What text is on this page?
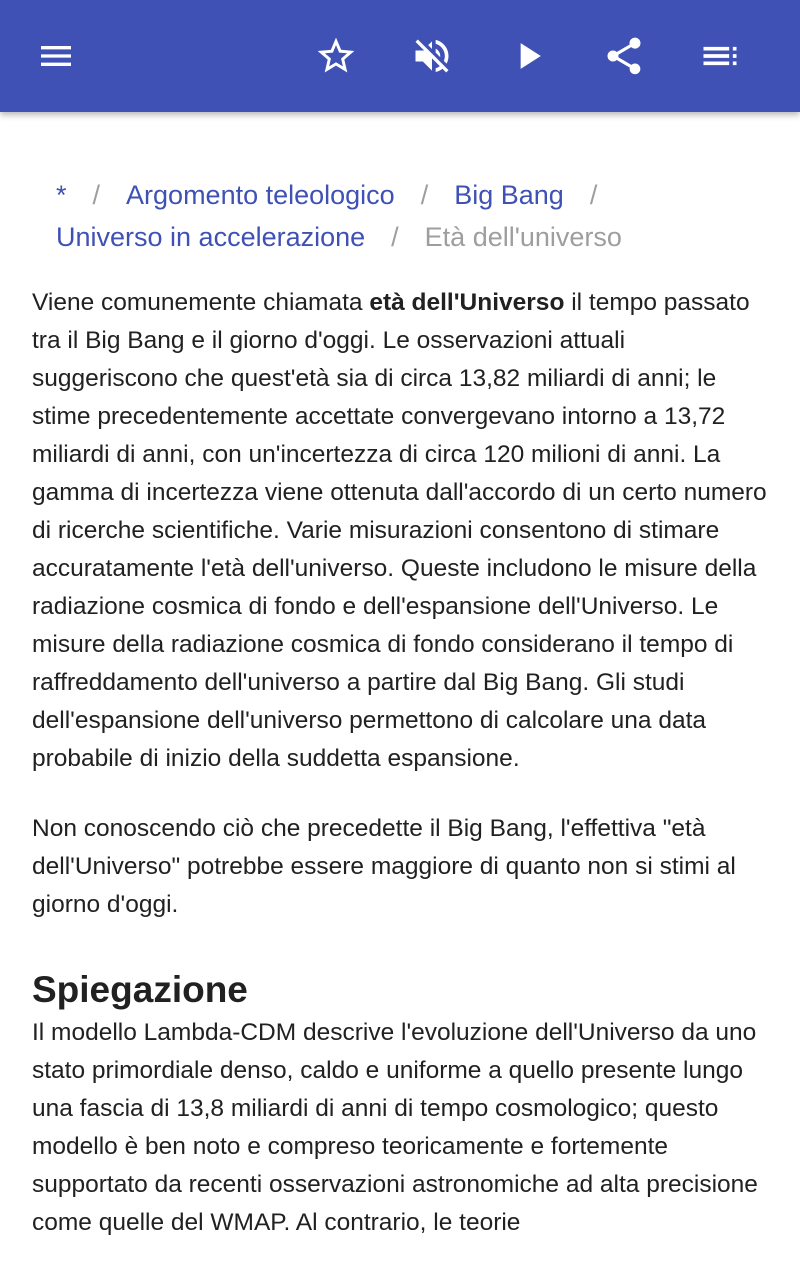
* / Argomento teleologico / Big Bang /
Universo in accelerazione / Età dell'universo

Viene comunemente chiamata età dell'Universo il tempo passato tra il Big Bang e il giorno d'oggi. Le osservazioni attuali suggeriscono che quest'età sia di circa 13,82 miliardi di anni; le stime precedentemente accettate convergevano intorno a 13,72 miliardi di anni, con un'incertezza di circa 120 milioni di anni. La gamma di incertezza viene ottenuta dall'accordo di un certo numero di ricerche scientifiche. Varie misurazioni consentono di stimare accuratamente l'età dell'universo. Queste includono le misure della radiazione cosmica di fondo e dell'espansione dell'Universo. Le misure della radiazione cosmica di fondo considerano il tempo di raffreddamento dell'universo a partire dal Big Bang. Gli studi dell'espansione dell'universo permettono di calcolare una data probabile di inizio della suddetta espansione.

Non conoscendo ciò che precedette il Big Bang, l'effettiva "età dell'Universo" potrebbe essere maggiore di quanto non si stimi al giorno d'oggi.

Spiegazione

Il modello Lambda-CDM descrive l'evoluzione dell'Universo da uno stato primordiale denso, caldo e uniforme a quello presente lungo una fascia di 13,8 miliardi di anni di tempo cosmologico; questo modello è ben noto e compreso teoricamente e fortemente supportato da recenti osservazioni astronomiche ad alta precisione come quelle del WMAP. Al contrario, le teorie
